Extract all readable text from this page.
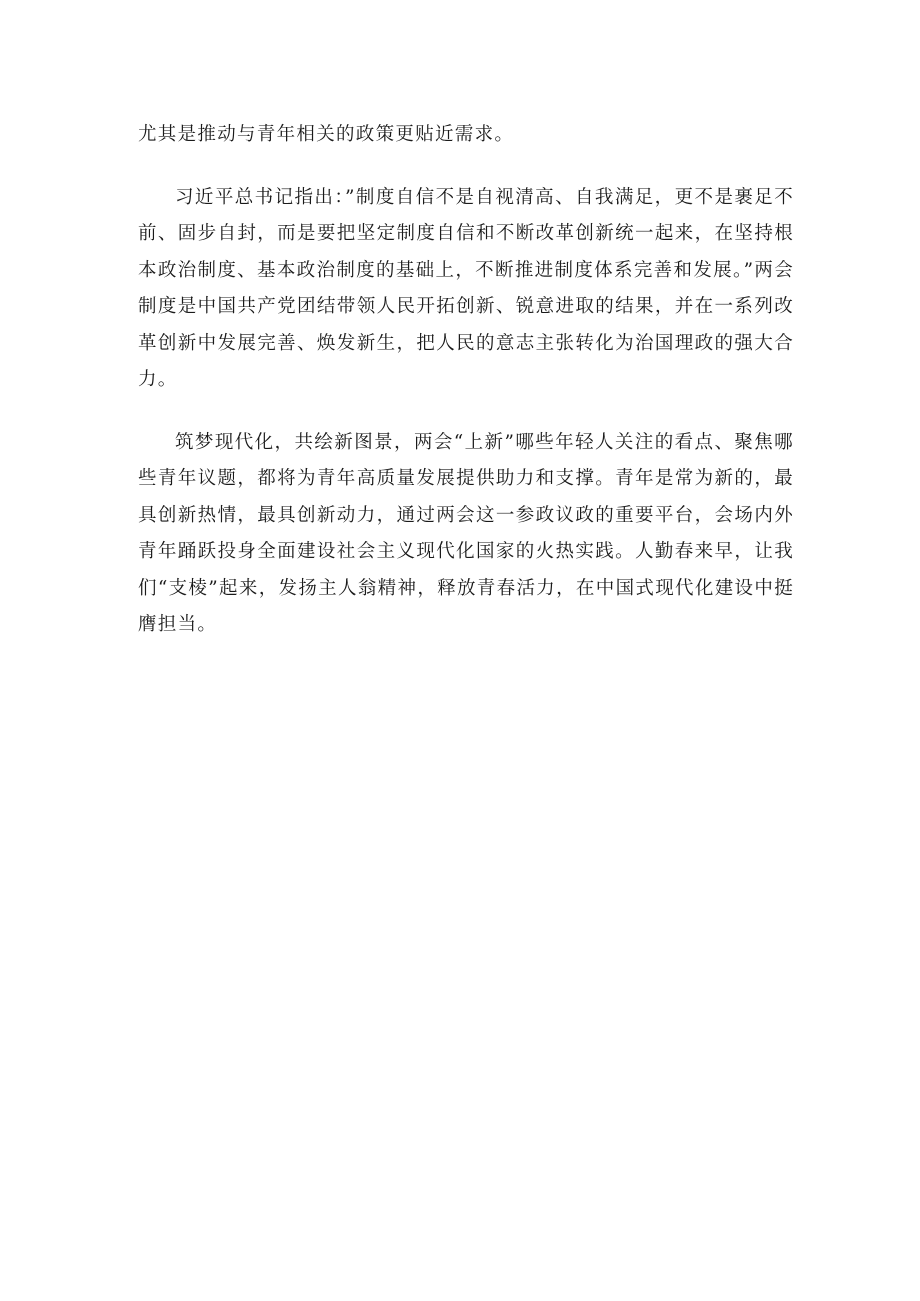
尤其是推动与青年相关的政策更贴近需求。

习近平总书记指出：”制度自信不是自视清高、自我满足，更不是裹足不前、固步自封，而是要把坚定制度自信和不断改革创新统一起来，在坚持根本政治制度、基本政治制度的基础上，不断推进制度体系完善和发展。”两会制度是中国共产党团结带领人民开拓创新、锐意进取的结果，并在一系列改革创新中发展完善、焕发新生，把人民的意志主张转化为治国理政的强大合力。

筑梦现代化，共绘新图景，两会“上新”哪些年轻人关注的看点、聚焦哪些青年议题，都将为青年高质量发展提供助力和支撑。青年是常为新的，最具创新热情，最具创新动力，通过两会这一参政议政的重要平台，会场内外青年踊跃投身全面建设社会主义现代化国家的火热实践。人勤春来早，让我们“支棱”起来，发扬主人翁精神，释放青春活力，在中国式现代化建设中挺膺担当。
